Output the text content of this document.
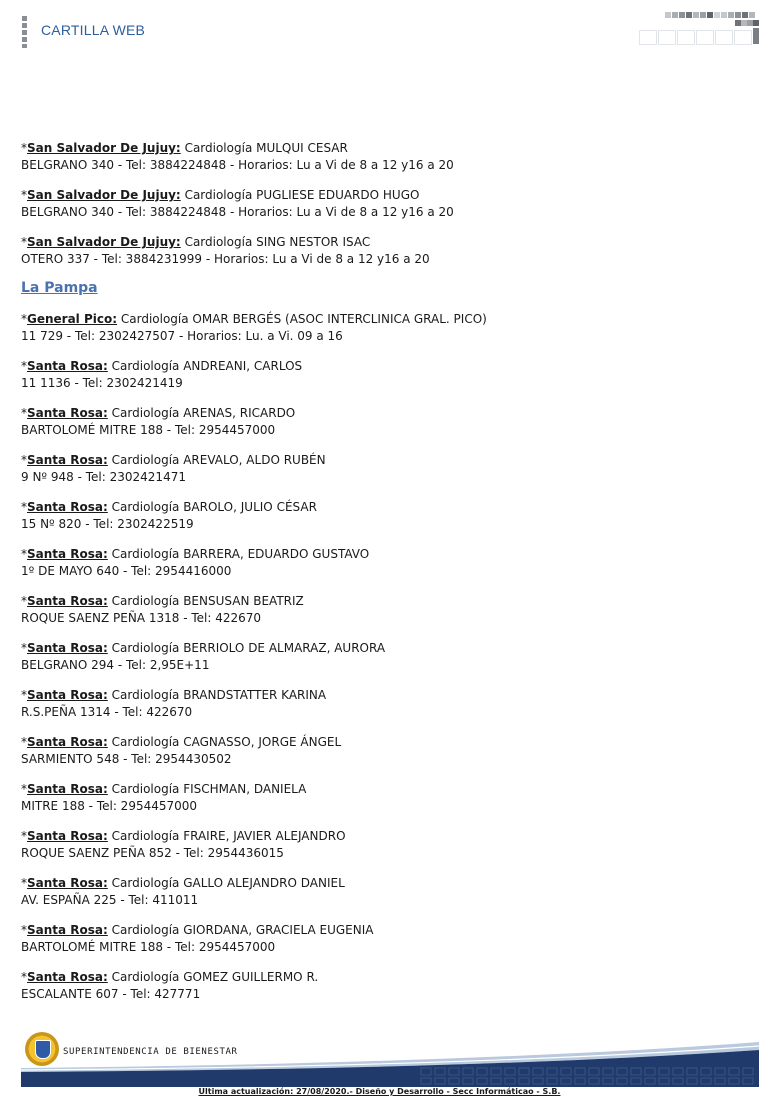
CARTILLA WEB
*San Salvador De Jujuy: Cardiología MULQUI CESAR
BELGRANO 340 - Tel: 3884224848 - Horarios: Lu a Vi de 8 a 12 y16 a 20
*San Salvador De Jujuy: Cardiología PUGLIESE EDUARDO HUGO
BELGRANO 340 - Tel: 3884224848 - Horarios: Lu a Vi de 8 a 12 y16 a 20
*San Salvador De Jujuy: Cardiología SING NESTOR ISAC
OTERO 337 - Tel: 3884231999 - Horarios: Lu a Vi de 8 a 12 y16 a 20
La Pampa
*General Pico: Cardiología OMAR BERGÉS (ASOC INTERCLINICA GRAL. PICO)
11 729 - Tel: 2302427507 - Horarios: Lu. a Vi. 09 a 16
*Santa Rosa: Cardiología ANDREANI, CARLOS
11 1136 - Tel: 2302421419
*Santa Rosa: Cardiología ARENAS, RICARDO
BARTOLOMÉ MITRE 188 - Tel: 2954457000
*Santa Rosa: Cardiología AREVALO, ALDO RUBÉN
9 Nº 948 - Tel: 2302421471
*Santa Rosa: Cardiología BAROLO, JULIO CÉSAR
15 Nº 820 - Tel: 2302422519
*Santa Rosa: Cardiología BARRERA, EDUARDO GUSTAVO
1º DE MAYO 640 - Tel: 2954416000
*Santa Rosa: Cardiología BENSUSAN BEATRIZ
ROQUE SAENZ PEÑA 1318 - Tel: 422670
*Santa Rosa: Cardiología BERRIOLO DE ALMARAZ, AURORA
BELGRANO 294 - Tel: 2,95E+11
*Santa Rosa: Cardiología BRANDSTATTER KARINA
R.S.PEÑA 1314 - Tel: 422670
*Santa Rosa: Cardiología CAGNASSO, JORGE ÁNGEL
SARMIENTO 548 - Tel: 2954430502
*Santa Rosa: Cardiología FISCHMAN, DANIELA
MITRE 188 - Tel: 2954457000
*Santa Rosa: Cardiología FRAIRE, JAVIER ALEJANDRO
ROQUE SAENZ PEÑA 852 - Tel: 2954436015
*Santa Rosa: Cardiología GALLO ALEJANDRO DANIEL
AV. ESPAÑA 225 - Tel: 411011
*Santa Rosa: Cardiología GIORDANA, GRACIELA EUGENIA
BARTOLOMÉ MITRE 188 - Tel: 2954457000
*Santa Rosa: Cardiología GOMEZ GUILLERMO R.
ESCALANTE 607 - Tel: 427771
SUPERINTENDENCIA DE BIENESTAR
Ultima actualización: 27/08/2020.- Diseño y Desarrollo - Secc Informáticao - S.B.
